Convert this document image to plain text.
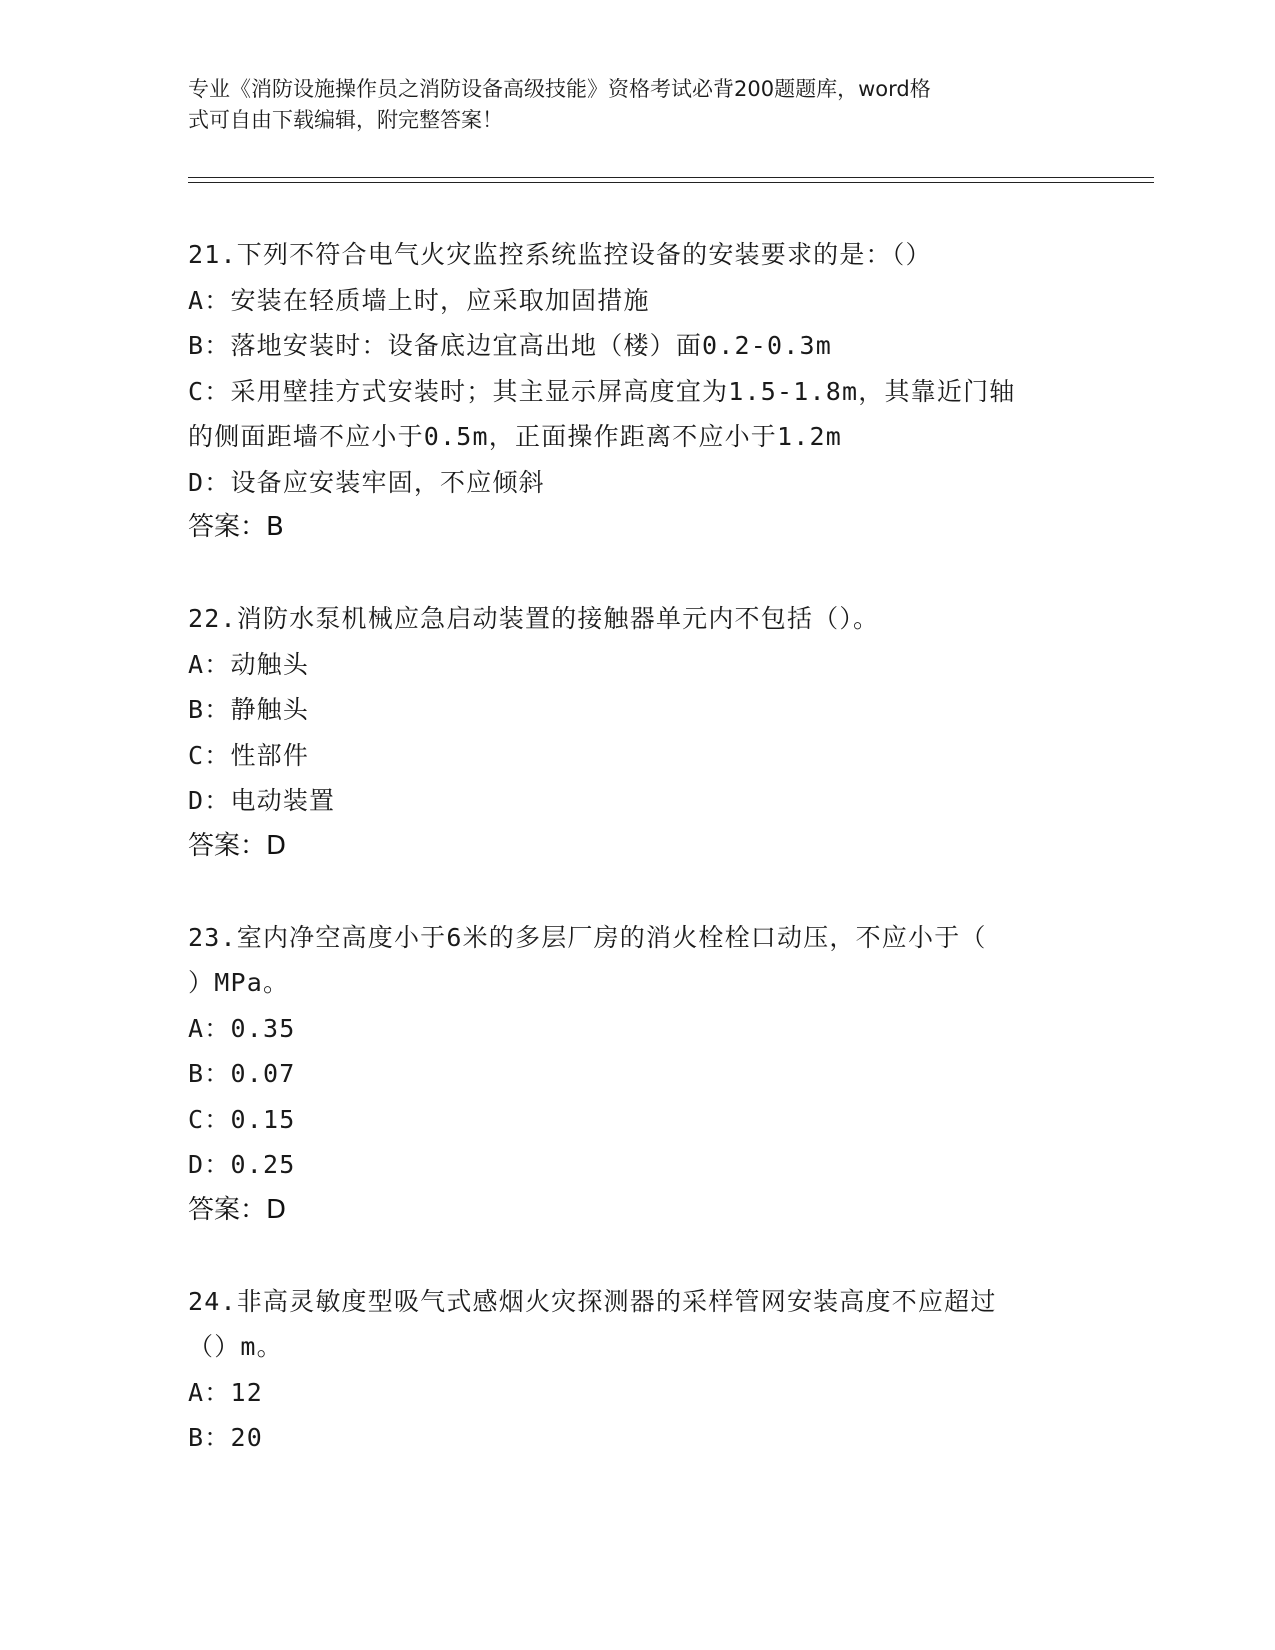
专业《消防设施操作员之消防设备高级技能》资格考试必背200题题库，word格
式可自由下载编辑，附完整答案！
21.下列不符合电气火灾监控系统监控设备的安装要求的是：（）
A：安装在轻质墙上时，应采取加固措施
B：落地安装时：设备底边宜高出地（楼）面0.2-0.3m
C：采用壁挂方式安装时；其主显示屏高度宜为1.5-1.8m，其靠近门轴
的侧面距墙不应小于0.5m，正面操作距离不应小于1.2m
D：设备应安装牢固，不应倾斜
答案：B
22.消防水泵机械应急启动装置的接触器单元内不包括（）。
A：动触头
B：静触头
C：性部件
D：电动装置
答案：D
23.室内净空高度小于6米的多层厂房的消火栓栓口动压，不应小于（
）MPa。
A：0.35
B：0.07
C：0.15
D：0.25
答案：D
24.非高灵敏度型吸气式感烟火灾探测器的采样管网安装高度不应超过
（）m。
A：12
B：20
